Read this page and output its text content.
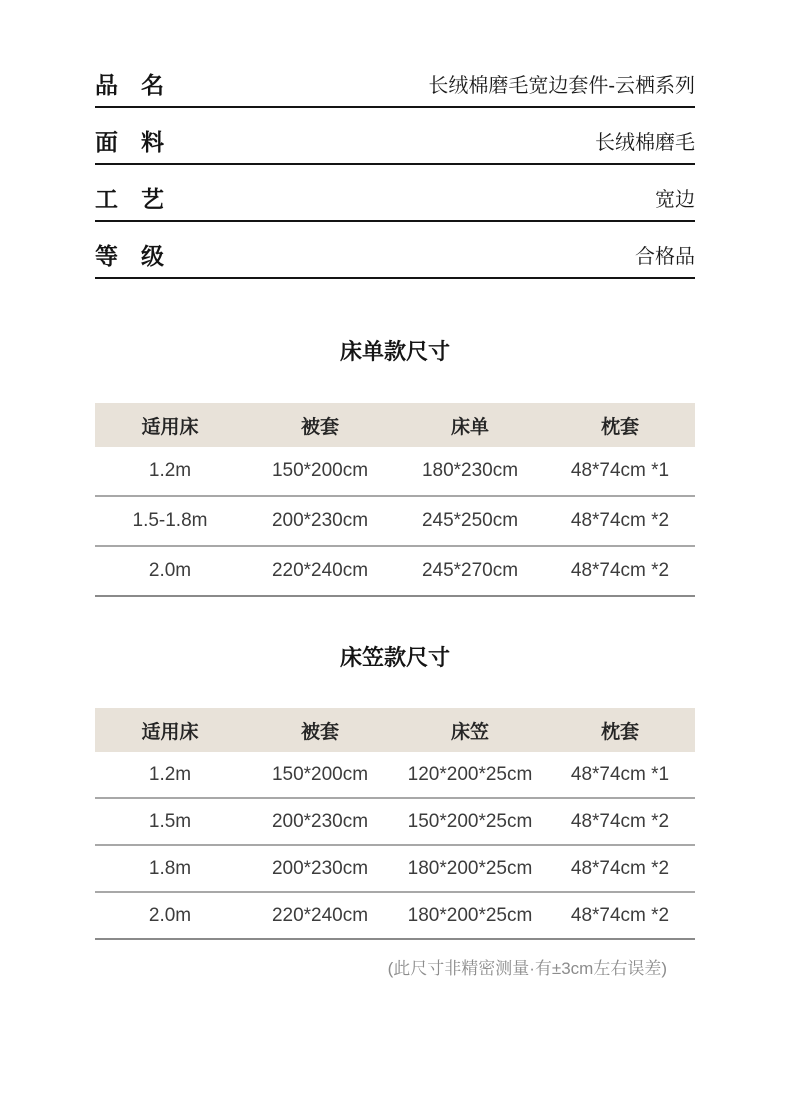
品　名	长绒棉磨毛宽边套件-云栖系列
面　料	长绒棉磨毛
工　艺	宽边
等　级	合格品
床单款尺寸
适用床	被套	床单	枕套
1.2m	150*200cm	180*230cm	48*74cm *1
1.5-1.8m	200*230cm	245*250cm	48*74cm *2
2.0m	220*240cm	245*270cm	48*74cm *2
床笠款尺寸
适用床	被套	床笠	枕套
1.2m	150*200cm	120*200*25cm	48*74cm *1
1.5m	200*230cm	150*200*25cm	48*74cm *2
1.8m	200*230cm	180*200*25cm	48*74cm *2
2.0m	220*240cm	180*200*25cm	48*74cm *2
(此尺寸非精密测量·有±3cm左右误差)
